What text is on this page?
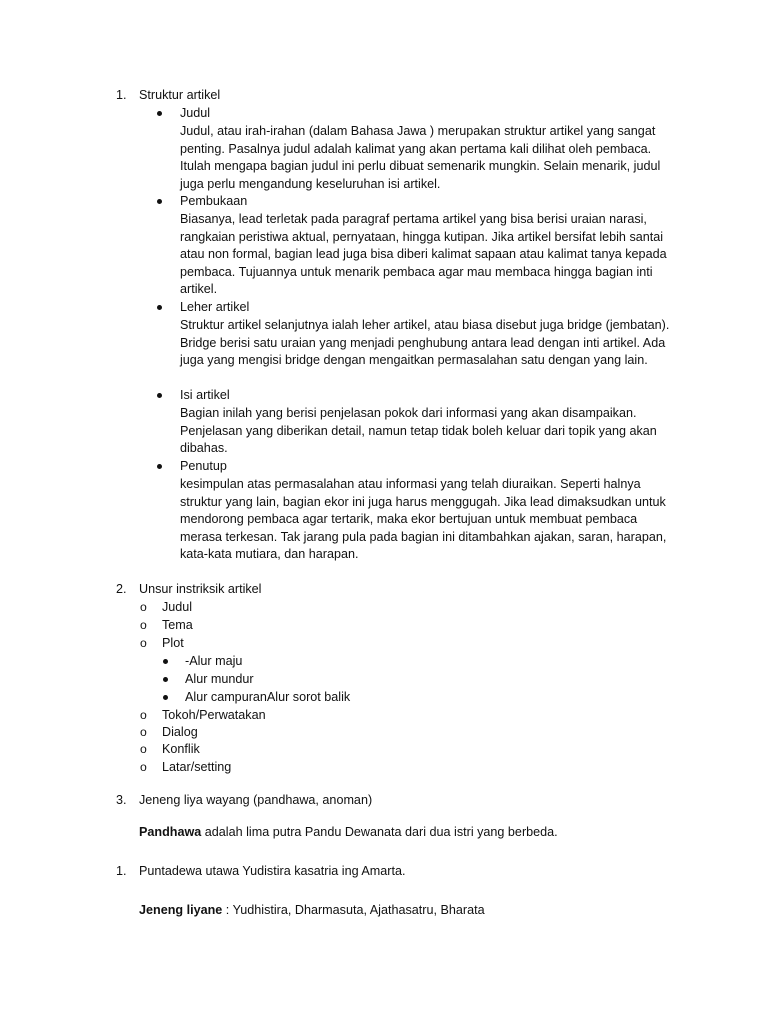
1. Struktur artikel
Judul
Judul, atau irah-irahan (dalam Bahasa Jawa ) merupakan struktur artikel yang sangat penting. Pasalnya judul adalah kalimat yang akan pertama kali dilihat oleh pembaca. Itulah mengapa bagian judul ini perlu dibuat semenarik mungkin. Selain menarik, judul juga perlu mengandung keseluruhan isi artikel.
Pembukaan
Biasanya, lead terletak pada paragraf pertama artikel yang bisa berisi uraian narasi, rangkaian peristiwa aktual, pernyataan, hingga kutipan. Jika artikel bersifat lebih santai atau non formal, bagian lead juga bisa diberi kalimat sapaan atau kalimat tanya kepada pembaca. Tujuannya untuk menarik pembaca agar mau membaca hingga bagian inti artikel.
Leher artikel
Struktur artikel selanjutnya ialah leher artikel, atau biasa disebut juga bridge (jembatan). Bridge berisi satu uraian yang menjadi penghubung antara lead dengan inti artikel. Ada juga yang mengisi bridge dengan mengaitkan permasalahan satu dengan yang lain.
Isi artikel
Bagian inilah yang berisi penjelasan pokok dari informasi yang akan disampaikan. Penjelasan yang diberikan detail, namun tetap tidak boleh keluar dari topik yang akan dibahas.
Penutup
kesimpulan atas permasalahan atau informasi yang telah diuraikan. Seperti halnya struktur yang lain, bagian ekor ini juga harus menggugah. Jika lead dimaksudkan untuk mendorong pembaca agar tertarik, maka ekor bertujuan untuk membuat pembaca merasa terkesan. Tak jarang pula pada bagian ini ditambahkan ajakan, saran, harapan, kata-kata mutiara, dan harapan.
2. Unsur instriksik artikel
o Judul
o Tema
o Plot
-Alur maju
Alur mundur
Alur campuranAlur sorot balik
o Tokoh/Perwatakan
o Dialog
o Konflik
o Latar/setting
3. Jeneng liya wayang (pandhawa, anoman)
Pandhawa adalah lima putra Pandu Dewanata dari dua istri yang berbeda.
1. Puntadewa utawa Yudistira kasatria ing Amarta.
Jeneng liyane : Yudhistira, Dharmasuta, Ajathasatru, Bharata
